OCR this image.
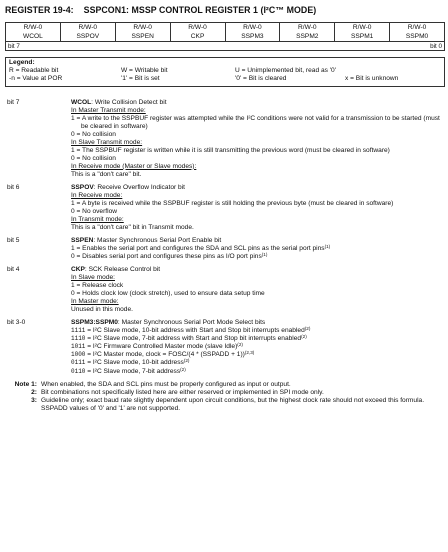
REGISTER 19-4: SSPCON1: MSSP CONTROL REGISTER 1 (I²C™ MODE)
R/W-0	R/W-0	R/W-0	R/W-0	R/W-0	R/W-0	R/W-0	R/W-0
WCOL	SSPOV	SSPEN	CKP	SSPM3	SSPM2	SSPM1	SSPM0
bit 7	bit 0
Legend:
R = Readable bit	W = Writable bit	U = Unimplemented bit, read as '0'
-n = Value at POR	'1' = Bit is set	'0' = Bit is cleared	x = Bit is unknown
bit 7	WCOL: Write Collision Detect bit
In Master Transmit mode:
1 = A write to the SSPBUF register was attempted while the I²C conditions were not valid for a transmission to be started (must be cleared in software)
0 = No collision
In Slave Transmit mode:
1 = The SSPBUF register is written while it is still transmitting the previous word (must be cleared in software)
0 = No collision
In Receive mode (Master or Slave modes):
This is a "don't care" bit.
bit 6	SSPOV: Receive Overflow Indicator bit
In Receive mode:
1 = A byte is received while the SSPBUF register is still holding the previous byte (must be cleared in software)
0 = No overflow
In Transmit mode:
This is a "don't care" bit in Transmit mode.
bit 5	SSPEN: Master Synchronous Serial Port Enable bit
1 = Enables the serial port and configures the SDA and SCL pins as the serial port pins$^{(1)}$
0 = Disables serial port and configures these pins as I/O port pins$^{(1)}$
bit 4	CKP: SCK Release Control bit
In Slave mode:
1 = Release clock
0 = Holds clock low (clock stretch), used to ensure data setup time
In Master mode:
Unused in this mode.
bit 3-0	SSPM3:SSPM0: Master Synchronous Serial Port Mode Select bits
1111 = I²C Slave mode, 10-bit address with Start and Stop bit interrupts enabled$^{(2)}$
1110 = I²C Slave mode, 7-bit address with Start and Stop bit interrupts enabled$^{(2)}$
1011 = I²C Firmware Controlled Master mode (slave Idle)$^{(2)}$
1000 = I²C Master mode, clock = FOSC/(4 * (SSPADD + 1))$^{(2,3)}$
0111 = I²C Slave mode, 10-bit address$^{(2)}$
0110 = I²C Slave mode, 7-bit address$^{(2)}$
Note 1: When enabled, the SDA and SCL pins must be properly configured as input or output.
2: Bit combinations not specifically listed here are either reserved or implemented in SPI mode only.
3: Guideline only; exact baud rate slightly dependent upon circuit conditions, but the highest clock rate should not exceed this formula. SSPADD values of '0' and '1' are not supported.
